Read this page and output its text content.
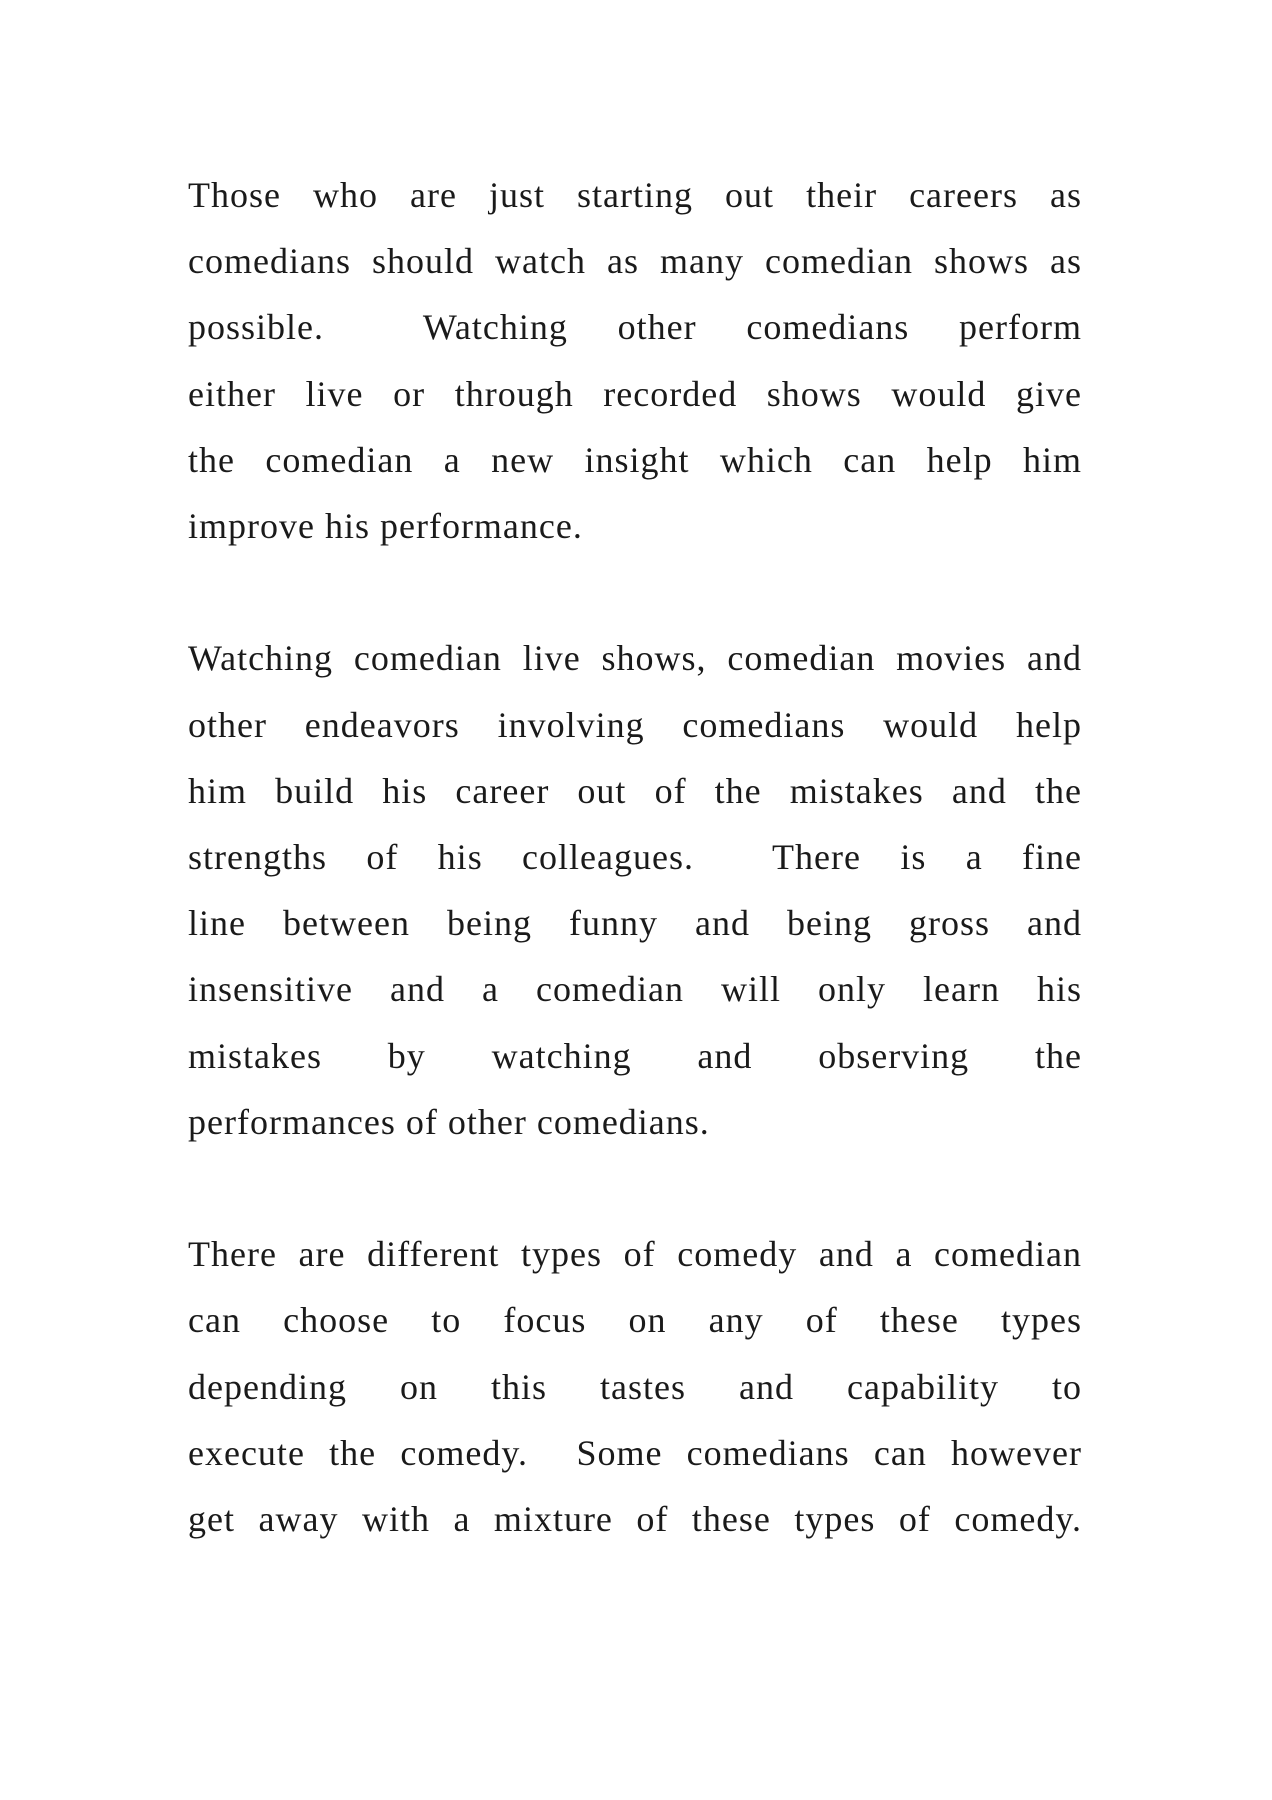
Those who are just starting out their careers as
comedians should watch as many comedian shows as
possible.  Watching other comedians perform
either live or through recorded shows would give
the comedian a new insight which can help him
improve his performance.

Watching comedian live shows, comedian movies and
other endeavors involving comedians would help
him build his career out of the mistakes and the
strengths of his colleagues.  There is a fine
line between being funny and being gross and
insensitive and a comedian will only learn his
mistakes by watching and observing the
performances of other comedians.

There are different types of comedy and a comedian
can choose to focus on any of these types
depending on this tastes and capability to
execute the comedy.  Some comedians can however
get away with a mixture of these types of comedy.
